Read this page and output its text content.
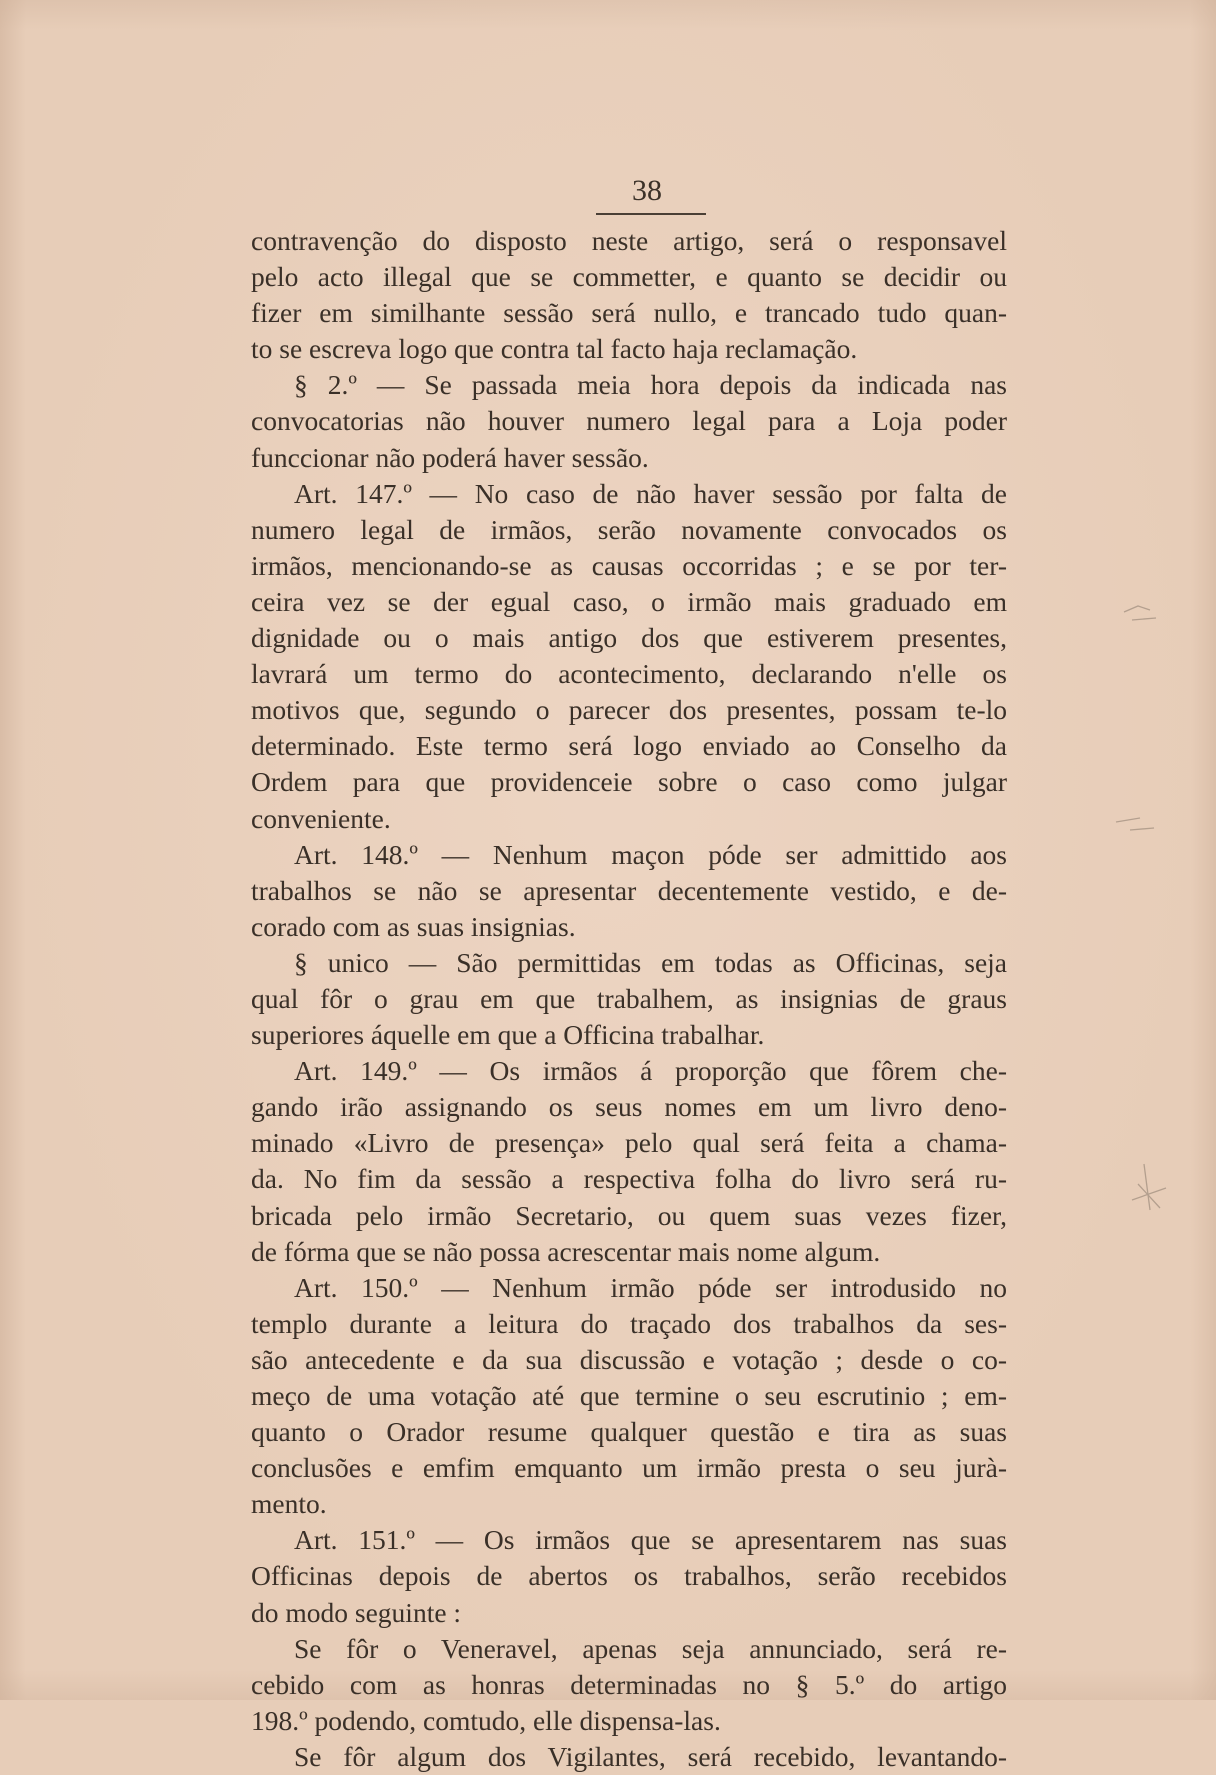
38
contravenção do disposto neste artigo, será o responsavel
pelo acto illegal que se commetter, e quanto se decidir ou
fizer em similhante sessão será nullo, e trancado tudo quan-
to se escreva logo que contra tal facto haja reclamação.
§ 2.º — Se passada meia hora depois da indicada nas
convocatorias não houver numero legal para a Loja poder
funccionar não poderá haver sessão.
Art. 147.º — No caso de não haver sessão por falta de
numero legal de irmãos, serão novamente convocados os
irmãos, mencionando-se as causas occorridas ; e se por ter-
ceira vez se der egual caso, o irmão mais graduado em
dignidade ou o mais antigo dos que estiverem presentes,
lavrará um termo do acontecimento, declarando n'elle os
motivos que, segundo o parecer dos presentes, possam te-lo
determinado. Este termo será logo enviado ao Conselho da
Ordem para que providenceie sobre o caso como julgar
conveniente.
Art. 148.º — Nenhum maçon póde ser admittido aos
trabalhos se não se apresentar decentemente vestido, e de-
corado com as suas insignias.
§ unico — São permittidas em todas as Officinas, seja
qual fôr o grau em que trabalhem, as insignias de graus
superiores áquelle em que a Officina trabalhar.
Art. 149.º — Os irmãos á proporção que fôrem che-
gando irão assignando os seus nomes em um livro deno-
minado «Livro de presença» pelo qual será feita a chama-
da. No fim da sessão a respectiva folha do livro será ru-
bricada pelo irmão Secretario, ou quem suas vezes fizer,
de fórma que se não possa acrescentar mais nome algum.
Art. 150.º — Nenhum irmão póde ser introdusido no
templo durante a leitura do traçado dos trabalhos da ses-
são antecedente e da sua discussão e votação ; desde o co-
meço de uma votação até que termine o seu escrutinio ; em-
quanto o Orador resume qualquer questão e tira as suas
conclusões e emfim emquanto um irmão presta o seu jurà-
mento.
Art. 151.º — Os irmãos que se apresentarem nas suas
Officinas depois de abertos os trabalhos, serão recebidos
do modo seguinte :
Se fôr o Veneravel, apenas seja annunciado, será re-
cebido com as honras determinadas no § 5.º do artigo
198.º podendo, comtudo, elle dispensa-las.
Se fôr algum dos Vigilantes, será recebido, levantando-
